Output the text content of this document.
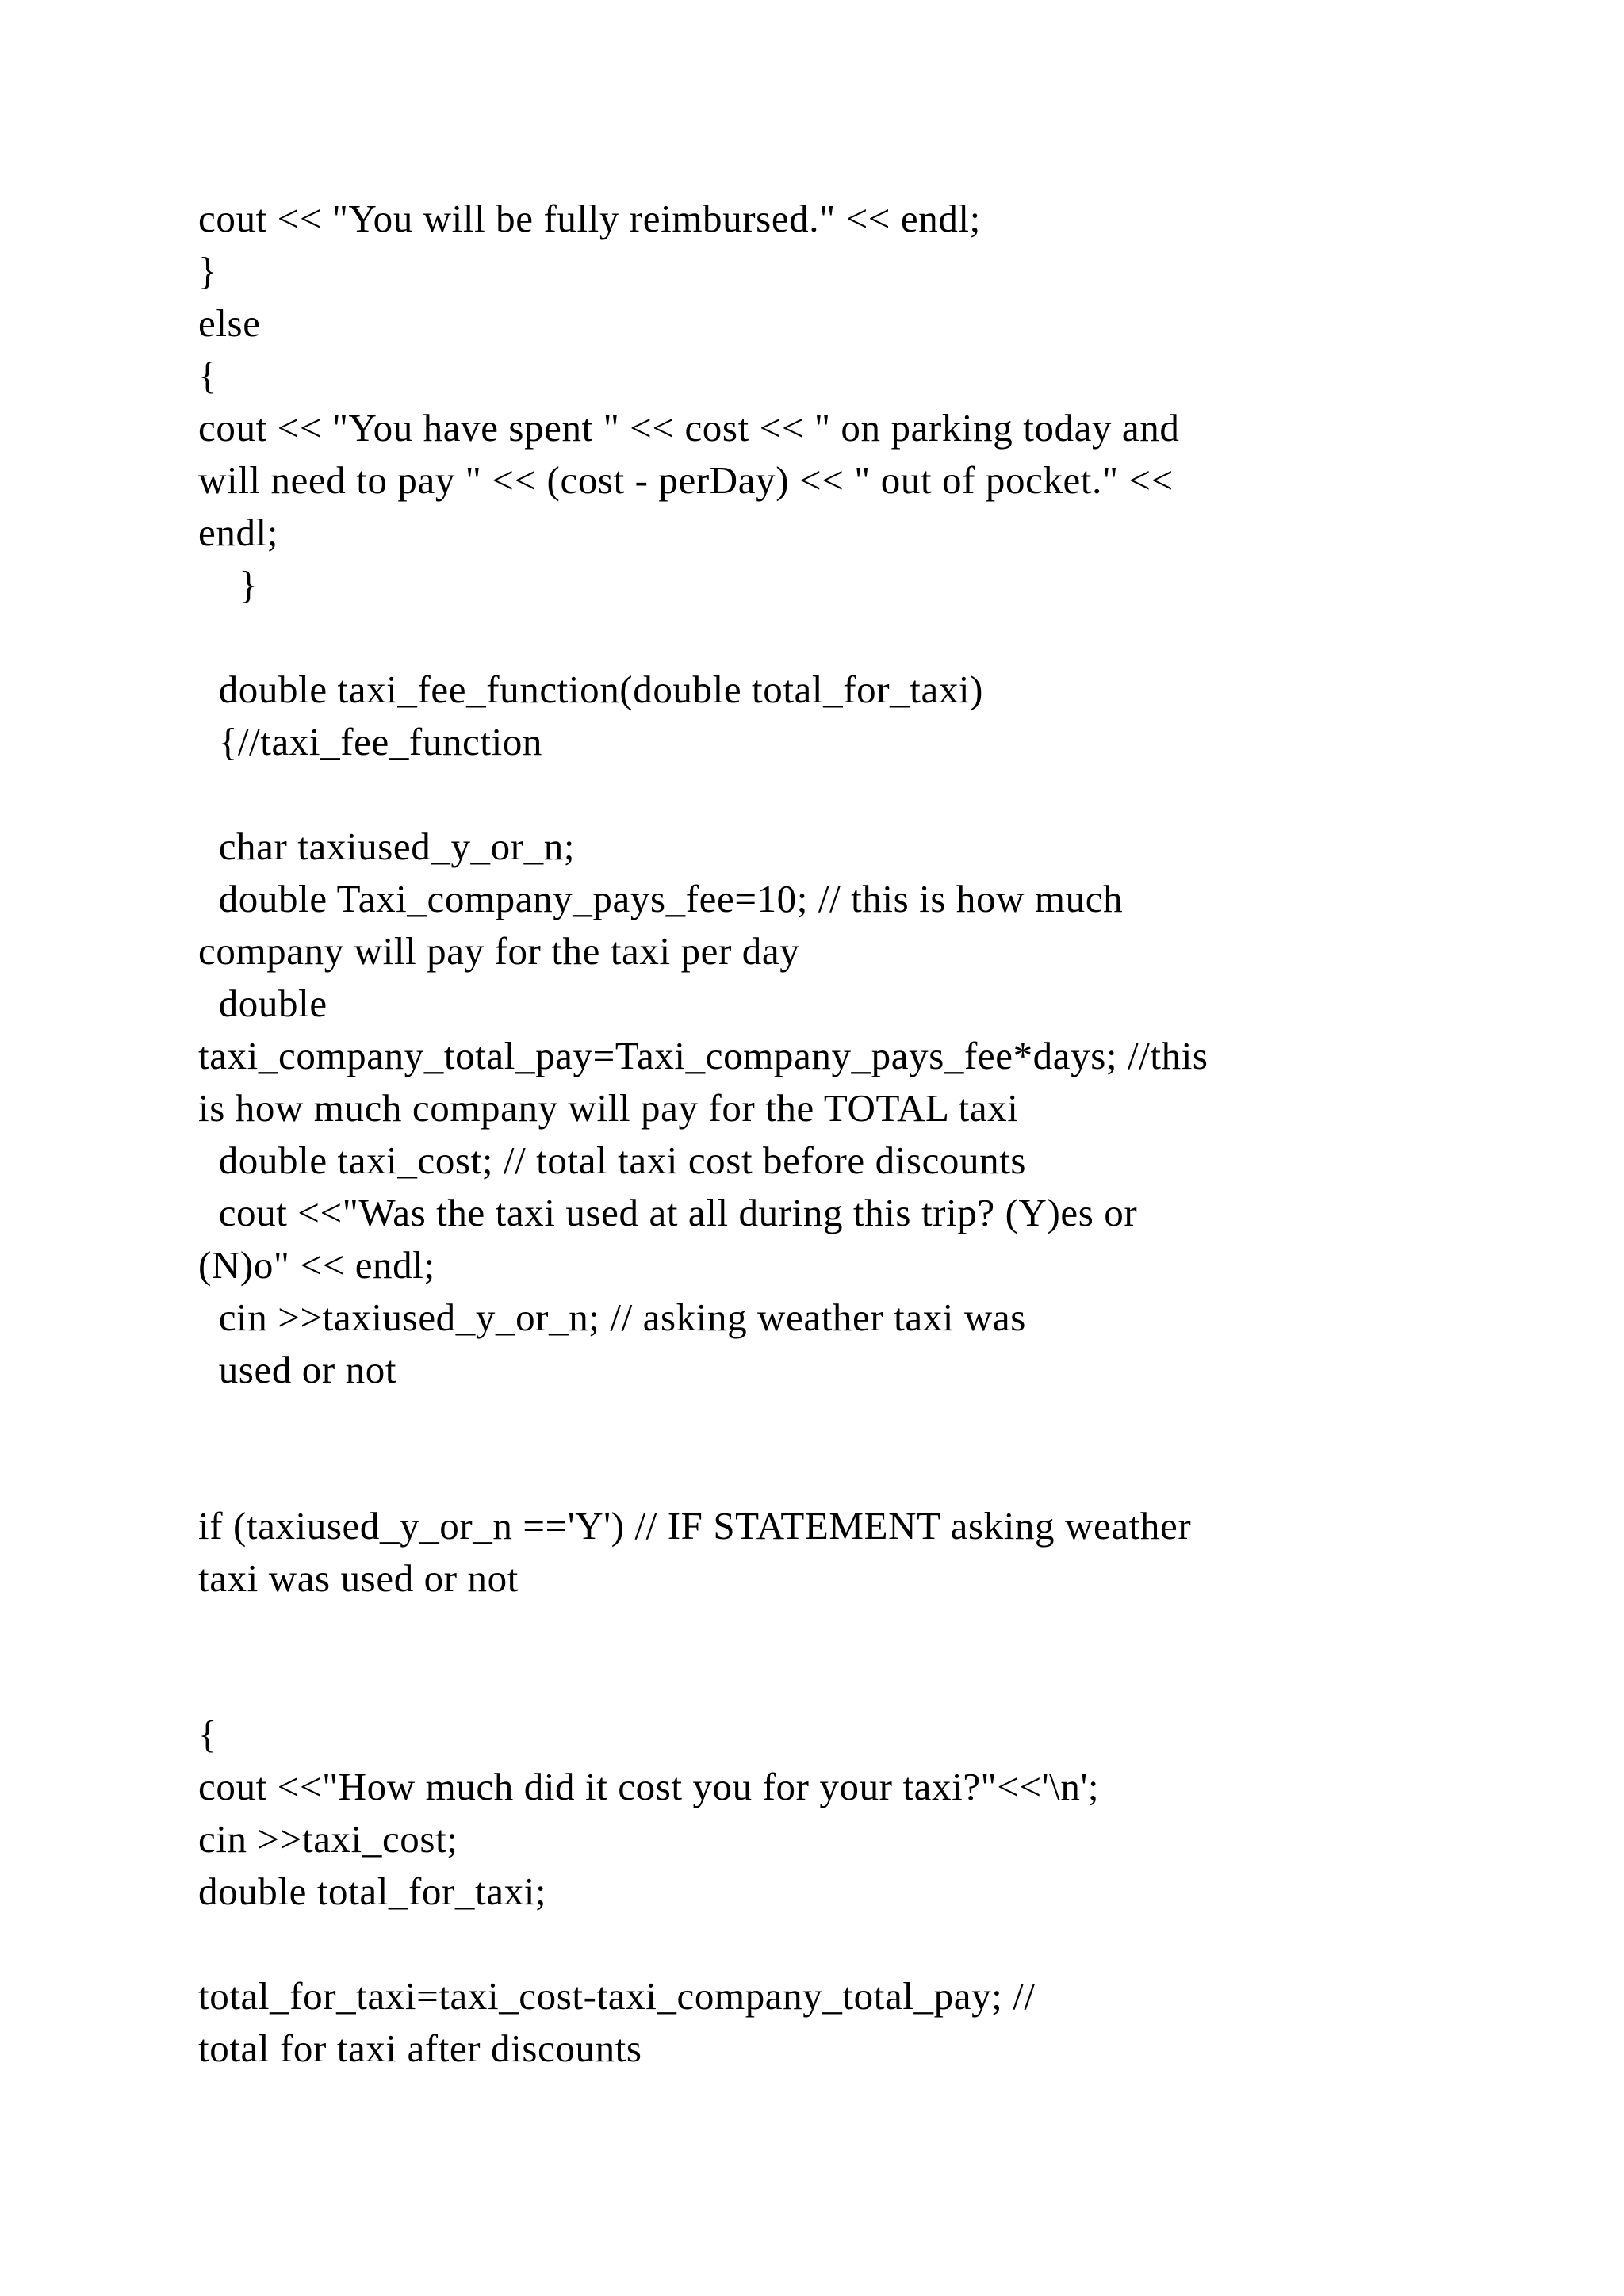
cout << "You will be fully reimbursed." << endl;
}
else
{
cout << "You have spent " << cost << " on parking today and
will need to pay " << (cost - perDay) << " out of pocket." <<
endl;
}
double taxi_fee_function(double total_for_taxi)
{//taxi_fee_function
char taxiused_y_or_n;
double Taxi_company_pays_fee=10; // this is how much
company will pay for the taxi per day
double
taxi_company_total_pay=Taxi_company_pays_fee*days; //this
is how much company will pay for the TOTAL taxi
double taxi_cost; // total taxi cost before discounts
cout <<"Was the taxi used at all during this trip? (Y)es or
(N)o" << endl;
cin >>taxiused_y_or_n; // asking weather taxi was
used or not
if (taxiused_y_or_n =='Y') // IF STATEMENT asking weather
taxi was used or not
{
cout <<"How much did it cost you for your taxi?"<<'\n';
cin >>taxi_cost;
double total_for_taxi;
total_for_taxi=taxi_cost-taxi_company_total_pay; //
total for taxi after discounts
